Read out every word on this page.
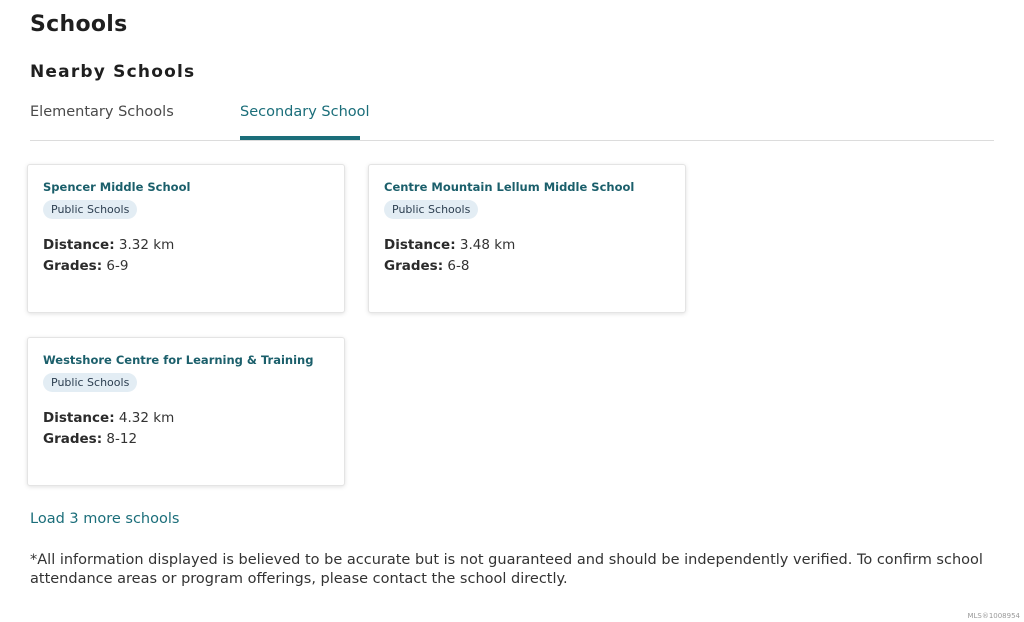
Schools
Nearby Schools
Elementary Schools	Secondary School
Spencer Middle School
Public Schools
Distance: 3.32 km
Grades: 6-9
Centre Mountain Lellum Middle School
Public Schools
Distance: 3.48 km
Grades: 6-8
Westshore Centre for Learning & Training
Public Schools
Distance: 4.32 km
Grades: 8-12
Load 3 more schools

*All information displayed is believed to be accurate but is not guaranteed and should be independently verified. To confirm school attendance areas or program offerings, please contact the school directly.

MLS®1008954
